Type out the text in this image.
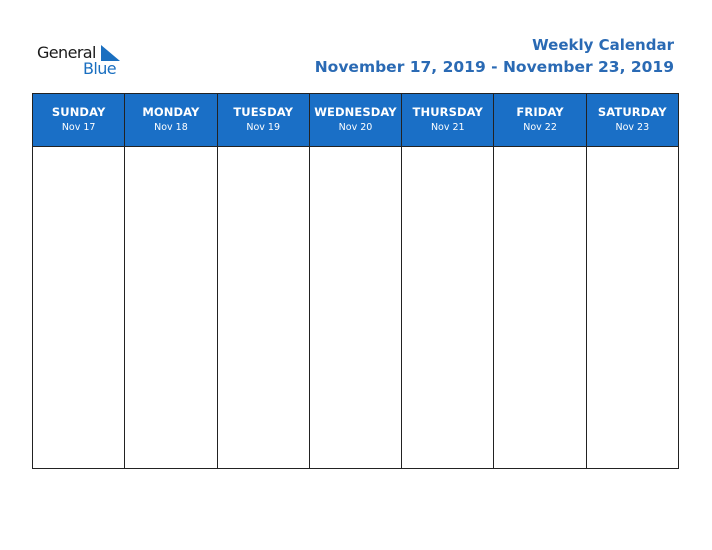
General
Blue
Weekly Calendar
November 17, 2019 - November 23, 2019
SUNDAY
Nov 17
MONDAY
Nov 18
TUESDAY
Nov 19
WEDNESDAY
Nov 20
THURSDAY
Nov 21
FRIDAY
Nov 22
SATURDAY
Nov 23
